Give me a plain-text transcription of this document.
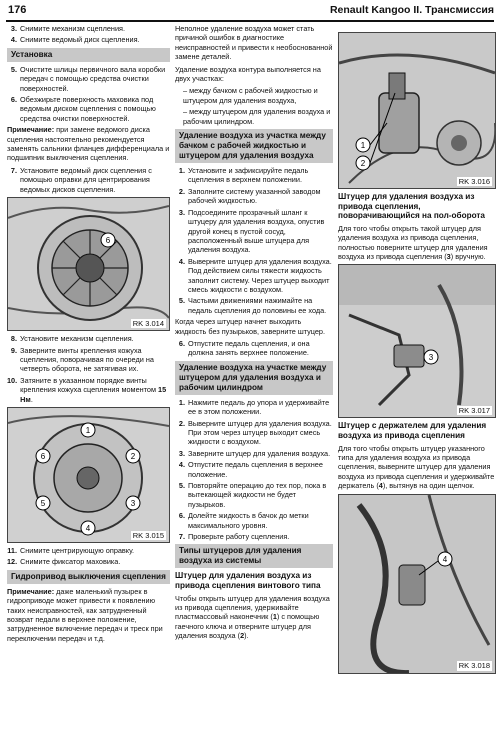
176	Renault Kangoo II. Трансмиссия
3. Снимите механизм сцепления.
4. Снимите ведомый диск сцепления.
Установка
5. Очистите шлицы первичного вала коробки передач с помощью средства очистки поверхностей.
6. Обезжирьте поверхность маховика под ведомым диском сцепления с помощью средства очистки поверхностей.

Примечание: при замене ведомого диска сцепления настоятельно рекомендуется заменять сальники фланцев дифференциала и подшипник выключения сцепления.

7. Установите ведомый диск сцепления с помощью оправки для центрирования ведомых дисков сцепления.
6
RK 3.014
8. Установите механизм сцепления.
9. Заверните винты крепления кожуха сцепления, поворачивая по очереди на четверть оборота, не затягивая их.
10. Затяните в указанном порядке винты крепления кожуха сцепления моментом 15 Нм.
1
2
3
4
5
6
RK 3.015
11. Снимите центрирующую оправку.
12. Снимите фиксатор маховика.
Гидропривод выключения сцепления

Примечание: даже маленький пузырек в гидроприводе может привести к появлению таких неисправностей, как затрудненный возврат педали в верхнее положение, затрудненное включение передач и треск при переключении передач и т.д.

Неполное удаление воздуха может стать причиной ошибок в диагностике неисправностей и привести к необоснованной замене деталей.

Удаление воздуха контура выполняется на двух участках:

– между бачком с рабочей жидкостью и штуцером для удаления воздуха,
– между штуцером для удаления воздуха и рабочим цилиндром.
Удаление воздуха из участка между бачком с рабочей жидкостью и штуцером для удаления воздуха
1. Установите и зафиксируйте педаль сцепления в верхнем положении.
2. Заполните систему указанной заводом рабочей жидкостью.
3. Подсоедините прозрачный шланг к штуцеру для удаления воздуха, опустив другой конец в пустой сосуд, расположенный выше штуцера для удаления воздуха.
4. Выверните штуцер для удаления воздуха. Под действием силы тяжести жидкость заполнит систему. Через штуцер выходит смесь жидкости с воздухом.
5. Частыми движениями нажимайте на педаль сцепления до половины ее хода.

Когда через штуцер начнет выходить жидкость без пузырьков, заверните штуцер.

6. Отпустите педаль сцепления, и она должна занять верхнее положение.
Удаление воздуха на участке между штуцером для удаления воздуха и рабочим цилиндром
1. Нажмите педаль до упора и удерживайте ее в этом положении.
2. Выверните штуцер для удаления воздуха. При этом через штуцер выходит смесь жидкости с воздухом.
3. Заверните штуцер для удаления воздуха.
4. Отпустите педаль сцепления в верхнее положение.
5. Повторяйте операцию до тех пор, пока в вытекающей жидкости не будет пузырьков.
6. Долейте жидкость в бачок до метки максимального уровня.
7. Проверьте работу сцепления.
Типы штуцеров для удаления воздуха из системы
Штуцер для удаления воздуха из привода сцепления винтового типа

Чтобы открыть штуцер для удаления воздуха из привода сцепления, удерживайте пластмассовый наконечник (1) с помощью гаечного ключа и отверните штуцер для удаления воздуха (2).

1
2
RK 3.016
Штуцер для удаления воздуха из привода сцепления, поворачивающийся на пол-оборота

Для того чтобы открыть такой штуцер для удаления воздуха из привода сцепления, полностью поверните штуцер для удаления воздуха из привода сцепления (3) вручную.

3
RK 3.017
Штуцер с держателем для удаления воздуха из привода сцепления

Для того чтобы открыть штуцер указанного типа для удаления воздуха из привода сцепления, выверните штуцер для удаления воздуха из привода сцепления и удерживайте держатель (4), вытянув на один щелчок.

4
RK 3.018
